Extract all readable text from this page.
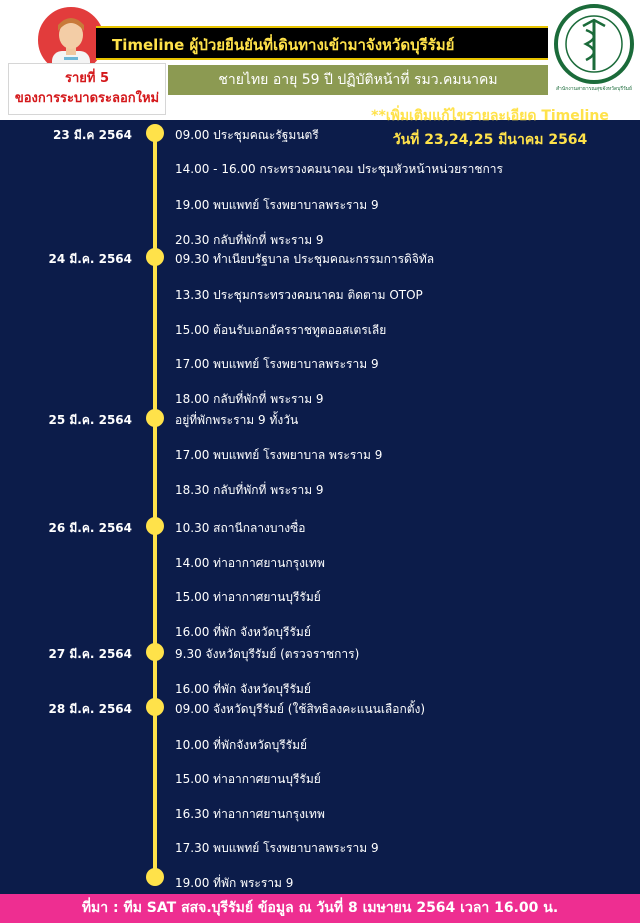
Timeline ผู้ป่วยยืนยันที่เดินทางเข้ามาจังหวัดบุรีรัมย์
รายที่ 5
ของการระบาดระลอกใหม่
ชายไทย อายุ 59 ปี ปฏิบัติหน้าที่ รมว.คมนาคม
สำนักงานสาธารณสุขจังหวัดบุรีรัมย์
**เพิ่มเติมแก้ไขรายละเอียด Timeline
วันที่ 23,24,25 มีนาคม 2564
23 มี.ค 2564
24 มี.ค. 2564
25 มี.ค. 2564
26 มี.ค. 2564
27 มี.ค. 2564
28 มี.ค. 2564
09.00 ประชุมคณะรัฐมนตรี
14.00 - 16.00 กระทรวงคมนาคม ประชุมหัวหน้าหน่วยราชการ
19.00 พบแพทย์ โรงพยาบาลพระราม 9
20.30 กลับที่พักที่ พระราม 9
09.30 ทำเนียบรัฐบาล ประชุมคณะกรรมการดิจิทัล
13.30 ประชุมกระทรวงคมนาคม ติดตาม OTOP
15.00 ต้อนรับเอกอัครราชทูตออสเตรเลีย
17.00 พบแพทย์ โรงพยาบาลพระราม 9
18.00 กลับที่พักที่ พระราม 9
อยู่ที่พักพระราม 9 ทั้งวัน
17.00 พบแพทย์ โรงพยาบาล พระราม 9
18.30 กลับที่พักที่ พระราม 9
10.30 สถานีกลางบางซื่อ
14.00 ท่าอากาศยานกรุงเทพ
15.00 ท่าอากาศยานบุรีรัมย์
16.00 ที่พัก จังหวัดบุรีรัมย์
9.30 จังหวัดบุรีรัมย์ (ตรวจราชการ)
16.00 ที่พัก จังหวัดบุรีรัมย์
09.00 จังหวัดบุรีรัมย์ (ใช้สิทธิลงคะแนนเลือกตั้ง)
10.00 ที่พักจังหวัดบุรีรัมย์
15.00 ท่าอากาศยานบุรีรัมย์
16.30 ท่าอากาศยานกรุงเทพ
17.30 พบแพทย์ โรงพยาบาลพระราม 9
19.00 ที่พัก พระราม 9
ที่มา : ทีม SAT สสจ.บุรีรัมย์ ข้อมูล ณ วันที่ 8 เมษายน 2564 เวลา 16.00 น.
